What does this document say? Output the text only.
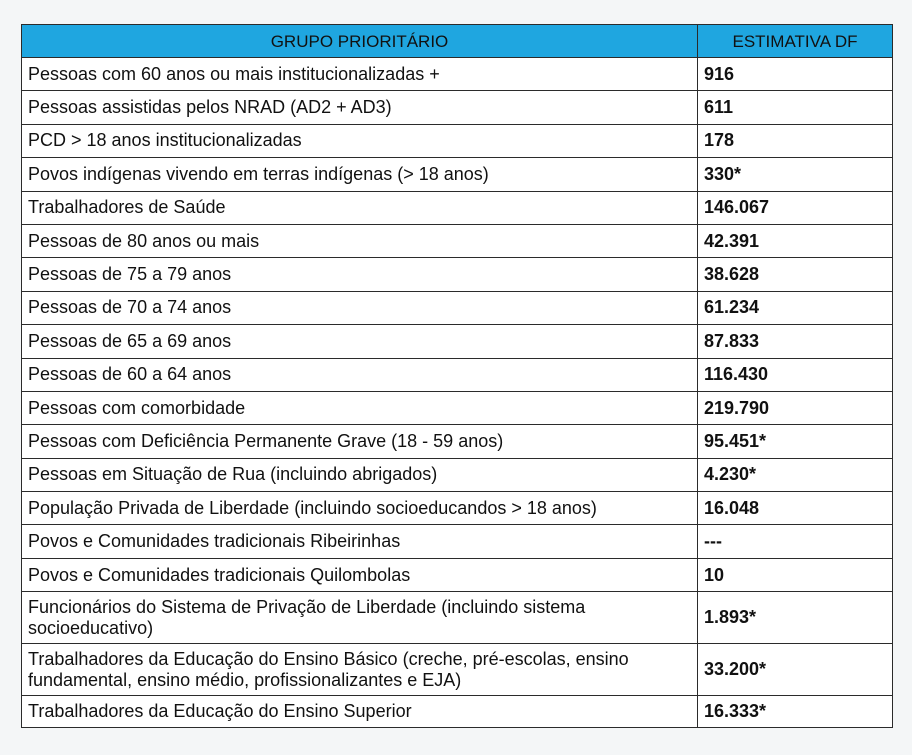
GRUPO PRIORITÁRIO	ESTIMATIVA DF
Pessoas com 60 anos ou mais institucionalizadas +	916
Pessoas assistidas pelos NRAD (AD2 + AD3)	611
PCD > 18 anos institucionalizadas	178
Povos indígenas vivendo em terras indígenas (> 18 anos)	330*
Trabalhadores de Saúde	146.067
Pessoas de 80 anos ou mais	42.391
Pessoas de 75 a 79 anos	38.628
Pessoas de 70 a 74 anos	61.234
Pessoas de 65 a 69 anos	87.833
Pessoas de 60 a 64 anos	116.430
Pessoas com comorbidade	219.790
Pessoas com Deficiência Permanente Grave (18 - 59 anos)	95.451*
Pessoas em Situação de Rua (incluindo abrigados)	4.230*
População Privada de Liberdade (incluindo socioeducandos > 18 anos)	16.048
Povos e Comunidades tradicionais Ribeirinhas	---
Povos e Comunidades tradicionais Quilombolas	10
Funcionários do Sistema de Privação de Liberdade (incluindo sistema socioeducativo)	1.893*
Trabalhadores da Educação do Ensino Básico (creche, pré-escolas, ensino fundamental, ensino médio, profissionalizantes e EJA)	33.200*
Trabalhadores da Educação do Ensino Superior	16.333*
